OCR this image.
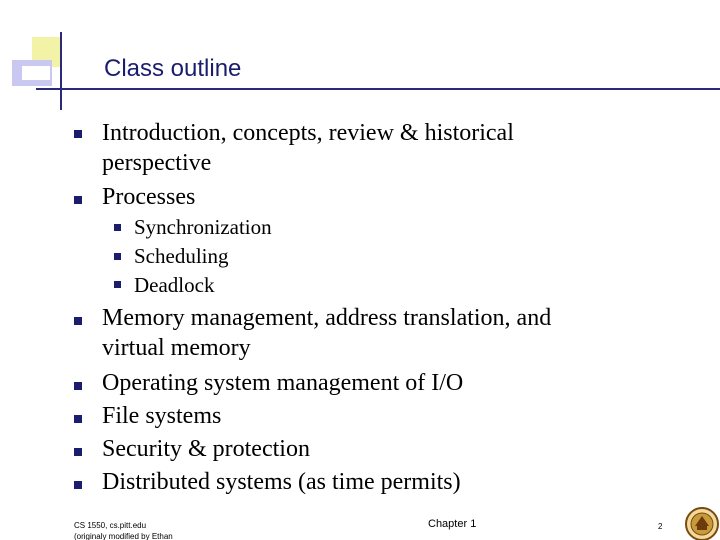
Class outline
Introduction, concepts, review & historical
perspective
Processes
Synchronization
Scheduling
Deadlock
Memory management, address translation, and
virtual memory
Operating system management of I/O
File systems
Security & protection
Distributed systems (as time permits)
CS 1550, cs.pitt.edu
(originaly modified by Ethan
Chapter 1	2
